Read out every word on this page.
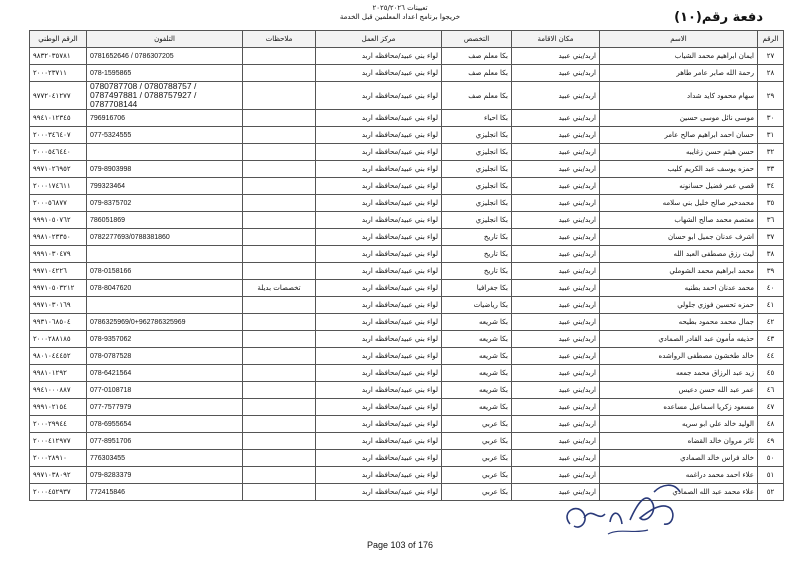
تعيينات ٢٠٢٥/٢٠٢٦
خريجوا برنامج اعداد المعلمين قبل الخدمة	دفعة رقم(١٠)
الرقم	الاسم	مكان الاقامة	التخصص	مركز العمل	ملاحظات	التلفون	الرقم الوطني
٢٧	ايمان ابراهيم محمد الشياب	اربد/بني عبيد	بكا معلم صف	لواء بني عبيد/محافظه اربد		0781652646 / 0786307205	٩٨٣٢٠٣٥٧٨١
٢٨	رحمة الله صابر عامر طاهر	اربد/بني عبيد	بكا معلم صف	لواء بني عبيد/محافظه اربد		078-1595865	٢٠٠٠٢٣٧١١
٢٩	سهام محمود كايد شداد	اربد/بني عبيد	بكا معلم صف	لواء بني عبيد/محافظه اربد		0780787708 / 0780788757 / 0787497881 / 0788757927 / 0787708144	٩٧٧٢٠٤١٢٧٧
٣٠	موسى نائل موسى حسين	اربد/بني عبيد	بكا احياء	لواء بني عبيد/محافظه اربد		796916706	٩٩٤١٠١٢٣٤٥
٣١	حسان احمد ابراهيم صالح عامر	اربد/بني عبيد	بكا انجليزي	لواء بني عبيد/محافظه اربد		077-5324555	٢٠٠٠٣٤٦٤٠٧
٣٢	حسن هيثم حسن زغايبه	اربد/بني عبيد	بكا انجليزي	لواء بني عبيد/محافظه اربد			٢٠٠٠٥٤٦٤٤٠
٣٣	حمزه يوسف عبد الكريم كليب	اربد/بني عبيد	بكا انجليزي	لواء بني عبيد/محافظه اربد		079-8903998	٩٩٧١٠٢٦٩٥٢
٣٤	قصي عمر فضيل حسانونه	اربد/بني عبيد	بكا انجليزي	لواء بني عبيد/محافظه اربد		799323464	٢٠٠٠١٧٤٦١١
٣٥	محمدخير صالح خليل بني سلامه	اربد/بني عبيد	بكا انجليزي	لواء بني عبيد/محافظه اربد		079-8375702	٢٠٠٠٥٦٨٧٧
٣٦	معتصم محمد صالح الشهاب	اربد/بني عبيد	بكا انجليزي	لواء بني عبيد/محافظه اربد		786051869	٩٩٩١٠٥٠٧٦٢
٣٧	اشرف عدنان جميل ابو حسان	اربد/بني عبيد	بكا تاريخ	لواء بني عبيد/محافظه اربد		0782277693/0788381860	٩٩٨١٠٢٣٣٥٠
٣٨	ليث رزق مصطفى العبد الله	اربد/بني عبيد	بكا تاريخ	لواء بني عبيد/محافظه اربد			٩٩٩١٠٣٠٤٧٩
٣٩	محمد ابراهيم محمد الشوملي	اربد/بني عبيد	بكا تاريخ	لواء بني عبيد/محافظه اربد		078-0158166	٩٩٧١٠٤٢٢٦
٤٠	محمد عدنان احمد بطنيه	اربد/بني عبيد	بكا جغرافيا	لواء بني عبيد/محافظه اربد	تخصصات بديلة	078-8047620	٩٩٧١٠٥٠٣٢١٢
٤١	حمزه تحسين فوزي جلولي	اربد/بني عبيد	بكا رياضيات	لواء بني عبيد/محافظه اربد			٩٩٧١٠٣٠١٦٩
٤٢	جمال محمد محمود بطيحه	اربد/بني عبيد	بكا شريعه	لواء بني عبيد/محافظه اربد		0786325969/0+962786325969	٩٩٣١٠٦٨٥٠٤
٤٣	حذيفه مأمون عبد القادر الصمادي	اربد/بني عبيد	بكا شريعه	لواء بني عبيد/محافظه اربد		078-9357062	٢٠٠٠٢٨٨١٨٥
٤٤	خالد طخشون مصطفى الرواشده	اربد/بني عبيد	بكا شريعه	لواء بني عبيد/محافظه اربد		078-0787528	٩٨٠١٠٤٤٤٥٢
٤٥	زيد عبد الرزاق محمد جمعه	اربد/بني عبيد	بكا شريعه	لواء بني عبيد/محافظه اربد		078-6421564	٩٩٨١٠١٢٩٢
٤٦	عمر عبد الله حسن دعيس	اربد/بني عبيد	بكا شريعه	لواء بني عبيد/محافظه اربد		077-0108718	٩٩٤١٠٠٠٨٨٧
٤٧	مسعود زكريا اسماعيل مساعده	اربد/بني عبيد	بكا شريعه	لواء بني عبيد/محافظه اربد		077-7577979	٩٩٩١٠٢١٥٤
٤٨	الوليد خالد علي ابو سريه	اربد/بني عبيد	بكا عربي	لواء بني عبيد/محافظه اربد		078-6955654	٢٠٠٠٢٩٩٤٤
٤٩	ثائر مروان خالد القضاه	اربد/بني عبيد	بكا عربي	لواء بني عبيد/محافظه اربد		077-8951706	٢٠٠٠٤١٢٩٧٧
٥٠	خالد فراس خالد الصمادي	اربد/بني عبيد	بكا عربي	لواء بني عبيد/محافظه اربد		776303455	٢٠٠٠٢٨٩١٠
٥١	علاء احمد محمد دراغمه	اربد/بني عبيد	بكا عربي	لواء بني عبيد/محافظه اربد		079-8283379	٩٩٧١٠٣٨٠٩٢
٥٢	علاء محمد عبد الله الصمادي	اربد/بني عبيد	بكا عربي	لواء بني عبيد/محافظه اربد		772415846	٢٠٠٠٤٥٢٩٣٧
Page 103 of 176
